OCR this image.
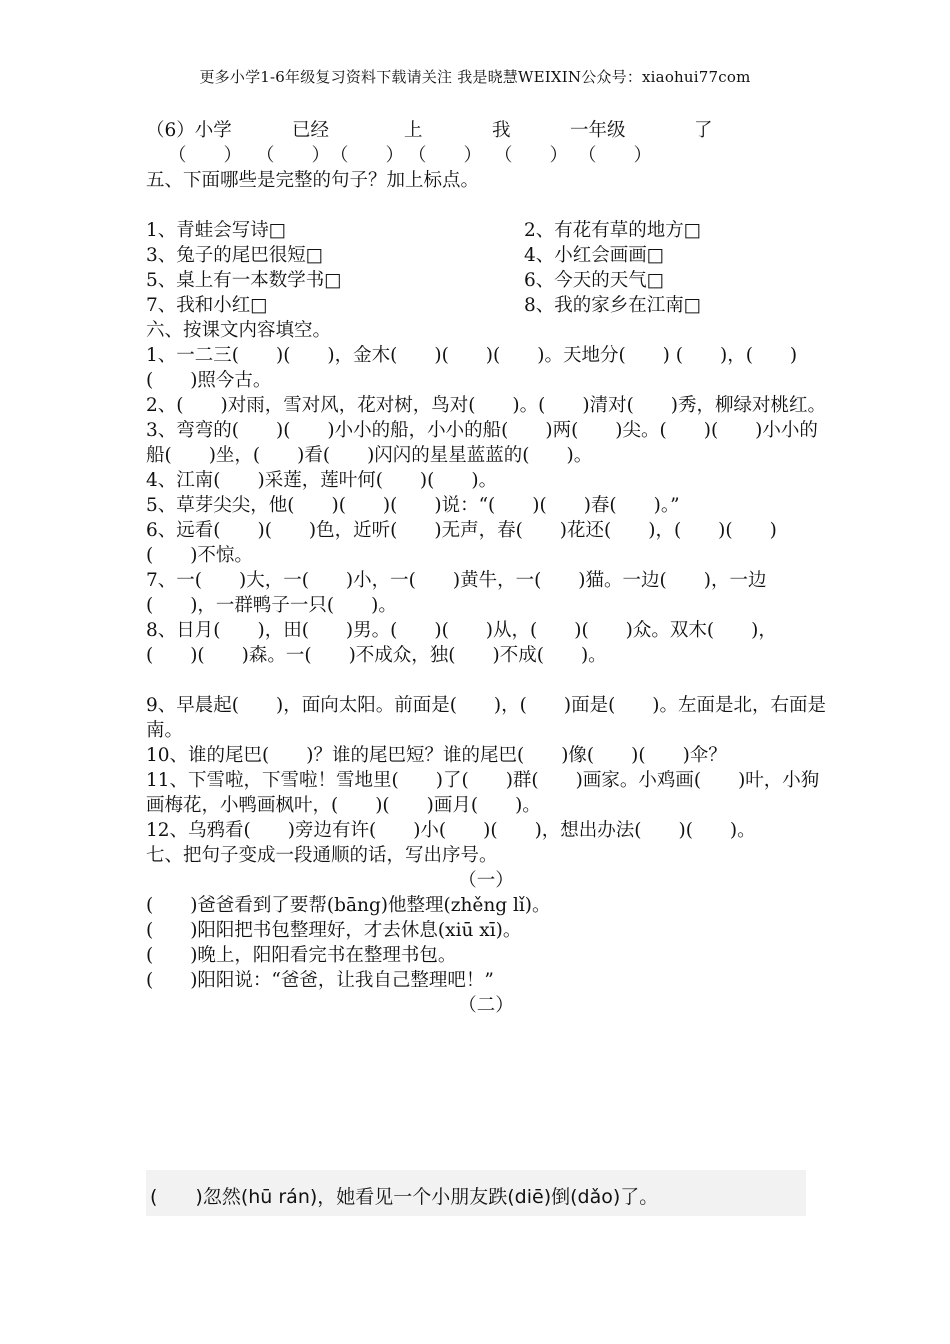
更多小学1-6年级复习资料下载请关注 我是晓慧WEIXIN公众号：xiaohui77com
（6）小学	已经	上	我	一年级	了
（　　） （　　） （　　） （　　） （　　） （　　）
五、下面哪些是完整的句子？加上标点。
1、青蛙会写诗□	2、有花有草的地方□
3、兔子的尾巴很短□	4、小红会画画□
5、桌上有一本数学书□	6、今天的天气□
7、我和小红□	8、我的家乡在江南□
六、按课文内容填空。
1、一二三(　　)(　　)，金木(　　)(　　)(　　)。天地分(　　) (　　)，(　　)(　　)照今古。
2、(　　)对雨，雪对风，花对树，鸟对(　　)。(　　)清对(　　)秀，柳绿对桃红。
3、弯弯的(　　)(　　)小小的船，小小的船(　　)两(　　)尖。(　　)(　　)小小的船(　　)坐，(　　)看(　　)闪闪的星星蓝蓝的(　　)。
4、江南(　　)采莲，莲叶何(　　)(　　)。
5、草芽尖尖，他(　　)(　　)(　　)说：“(　　)(　　)春(　　)。”
6、远看(　　)(　　)色，近听(　　)无声，春(　　)花还(　　)，(　　)(　　)(　　)不惊。
7、一(　　)大，一(　　)小，一(　　)黄牛，一(　　)猫。一边(　　)，一边(　　)，一群鸭子一只(　　)。
8、日月(　　)，田(　　)男。(　　)(　　)从，(　　)(　　)众。双木(　　)，(　　)(　　)森。一(　　)不成众，独(　　)不成(　　)。
9、早晨起(　　)，面向太阳。前面是(　　)，(　　)面是(　　)。左面是北，右面是南。
10、谁的尾巴(　　)？谁的尾巴短？谁的尾巴(　　)像(　　)(　　)伞？
11、下雪啦，下雪啦！雪地里(　　)了(　　)群(　　)画家。小鸡画(　　)叶，小狗画梅花，小鸭画枫叶，(　　)(　　)画月(　　)。
12、乌鸦看(　　)旁边有许(　　)小(　　)(　　)，想出办法(　　)(　　)。
七、把句子变成一段通顺的话，写出序号。
（一）
(　　)爸爸看到了要帮(bāng)他整理(zhěng lǐ)。
(　　)阳阳把书包整理好，才去休息(xiū xī)。
(　　)晚上，阳阳看完书在整理书包。
(　　)阳阳说：“爸爸，让我自己整理吧！”
（二）
(　　)忽然(hū rán)，她看见一个小朋友跌(diē)倒(dǎo)了。
